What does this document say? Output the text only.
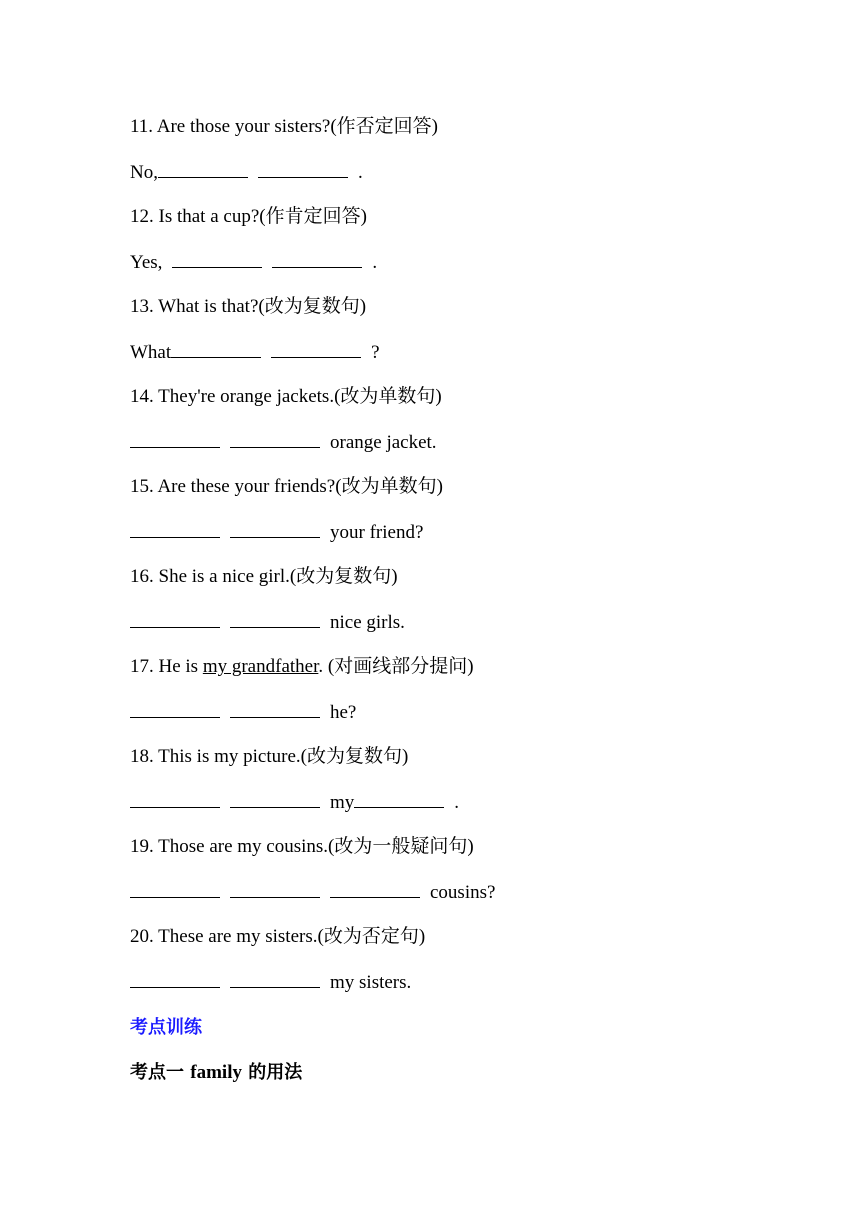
11. Are those your sisters?(作否定回答)
No,	.
12. Is that a cup?(作肯定回答)
Yes,	.
13. What is that?(改为复数句)
What	?
14. They're orange jackets.(改为单数句)
orange jacket.
15. Are these your friends?(改为单数句)
your friend?
16. She is a nice girl.(改为复数句)
nice girls.
17. He is my grandfather. (对画线部分提问)
he?
18. This is my picture.(改为复数句)
my	.
19. Those are my cousins.(改为一般疑问句)
cousins?
20. These are my sisters.(改为否定句)
my sisters.
考点训练
考点一 family 的用法
